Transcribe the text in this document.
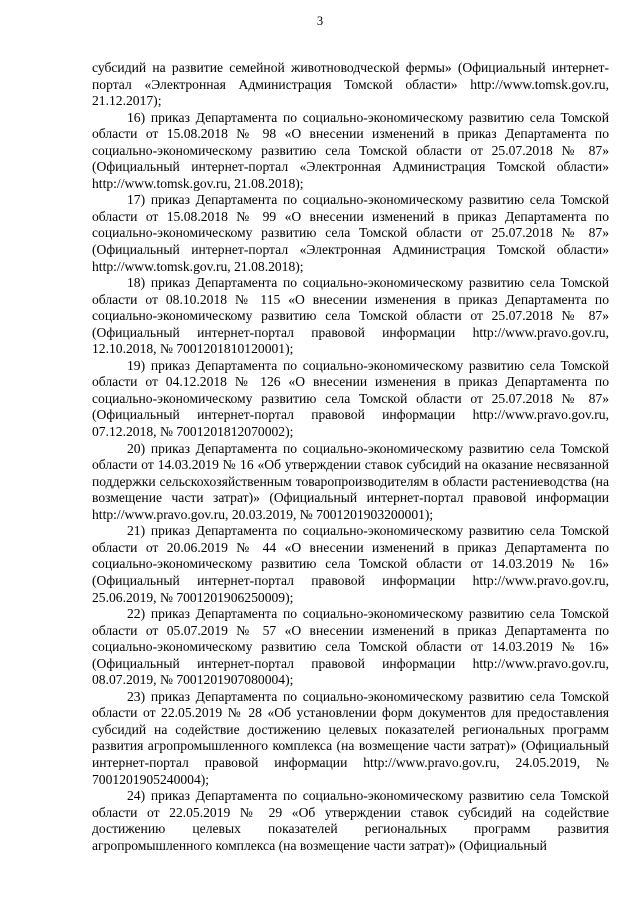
3

субсидий на развитие семейной животноводческой фермы» (Официальный интернет-портал «Электронная Администрация Томской области» http://www.tomsk.gov.ru, 21.12.2017);

16) приказ Департамента по социально-экономическому развитию села Томской области от 15.08.2018 № 98 «О внесении изменений в приказ Департамента по социально-экономическому развитию села Томской области от 25.07.2018 № 87» (Официальный интернет-портал «Электронная Администрация Томской области» http://www.tomsk.gov.ru, 21.08.2018);

17) приказ Департамента по социально-экономическому развитию села Томской области от 15.08.2018 № 99 «О внесении изменений в приказ Департамента по социально-экономическому развитию села Томской области от 25.07.2018 № 87» (Официальный интернет-портал «Электронная Администрация Томской области» http://www.tomsk.gov.ru, 21.08.2018);

18) приказ Департамента по социально-экономическому развитию села Томской области от 08.10.2018 № 115 «О внесении изменения в приказ Департамента по социально-экономическому развитию села Томской области от 25.07.2018 № 87» (Официальный интернет-портал правовой информации http://www.pravo.gov.ru, 12.10.2018, № 7001201810120001);

19) приказ Департамента по социально-экономическому развитию села Томской области от 04.12.2018 № 126 «О внесении изменения в приказ Департамента по социально-экономическому развитию села Томской области от 25.07.2018 № 87» (Официальный интернет-портал правовой информации http://www.pravo.gov.ru, 07.12.2018, № 7001201812070002);

20) приказ Департамента по социально-экономическому развитию села Томской области от 14.03.2019 № 16 «Об утверждении ставок субсидий на оказание несвязанной поддержки сельскохозяйственным товаропроизводителям в области растениеводства (на возмещение части затрат)» (Официальный интернет-портал правовой информации http://www.pravo.gov.ru, 20.03.2019, № 7001201903200001);

21) приказ Департамента по социально-экономическому развитию села Томской области от 20.06.2019 № 44 «О внесении изменений в приказ Департамента по социально-экономическому развитию села Томской области от 14.03.2019 № 16» (Официальный интернет-портал правовой информации http://www.pravo.gov.ru, 25.06.2019, № 7001201906250009);

22) приказ Департамента по социально-экономическому развитию села Томской области от 05.07.2019 № 57 «О внесении изменений в приказ Департамента по социально-экономическому развитию села Томской области от 14.03.2019 № 16» (Официальный интернет-портал правовой информации http://www.pravo.gov.ru, 08.07.2019, № 7001201907080004);

23) приказ Департамента по социально-экономическому развитию села Томской области от 22.05.2019 № 28 «Об установлении форм документов для предоставления субсидий на содействие достижению целевых показателей региональных программ развития агропромышленного комплекса (на возмещение части затрат)» (Официальный интернет-портал правовой информации http://www.pravo.gov.ru, 24.05.2019, № 7001201905240004);

24) приказ Департамента по социально-экономическому развитию села Томской области от 22.05.2019 № 29 «Об утверждении ставок субсидий на содействие достижению целевых показателей региональных программ развития агропромышленного комплекса (на возмещение части затрат)» (Официальный
